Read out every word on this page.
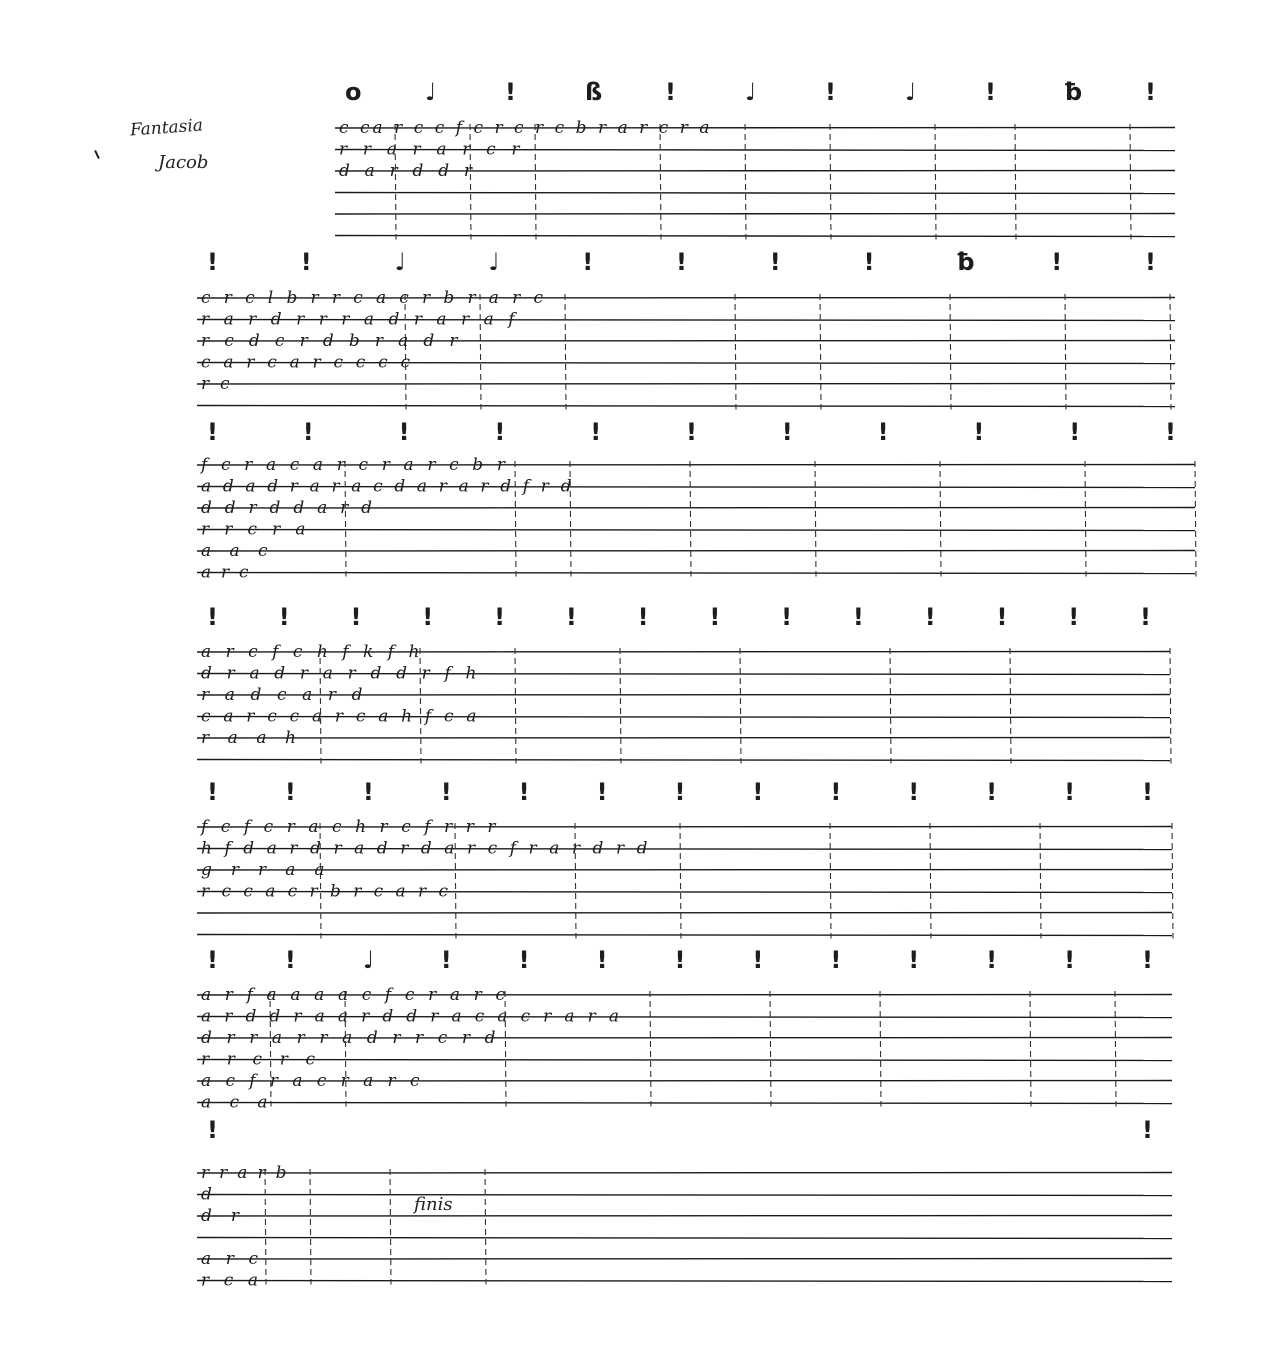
Fantasia
Jacob
o	♩	!	ß	!	♩	!	♩	!	ƀ	!
c ca r c c f c r c r c b r a r c r a
r r a r a r c r
d a r d d r
!	!	♩	♩	!	!	!	!	ƀ	!	!
c r c l b r r c a c r b r a r c
r a r d r r r a d r a r a f
r c d c r d b r a d r
c a r c a r c c c c
r c
!	!	!	!	!	!	!	!	!	!	!
f c r a c a r c r a r c b r
a d a d r a r a c d a r a r d f r d
d d r d d a r d
r r c r a
a a c
a r c
!	!	!	!	!	!	!	!	!	!	!	!	!	!
a r c f c h f k f h
d r a d r a r d d r f h
r a d c a r d
c a r c c a r c a h f c a
r a a h
!	!	!	!	!	!	!	!	!	!	!	!	!
f c f c r a c h r c f r r r
h f d a r d r a d r d a r c f r a r d r d
g r r a a
r c c a c r b r c a r c
!	!	♩	!	!	!	!	!	!	!	!	!	!
a r f a a a a c f c r a r c
a r d d r a a r d d r a c a c r a r a
d r r a r r a d r r c r d
r r c r c
a c f r a c r a r c
a c a
!	!
r r a r b
d
d r
a r c
r c a
finis
